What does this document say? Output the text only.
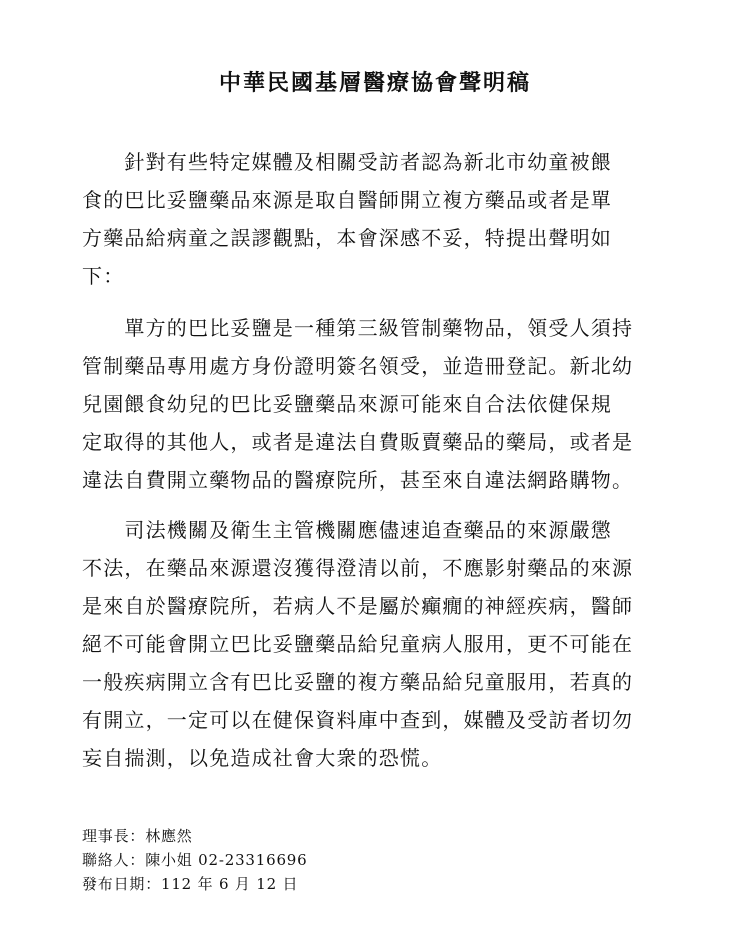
中華民國基層醫療協會聲明稿
　　針對有些特定媒體及相關受訪者認為新北市幼童被餵
食的巴比妥鹽藥品來源是取自醫師開立複方藥品或者是單
方藥品給病童之誤謬觀點，本會深感不妥，特提出聲明如
下：
　　單方的巴比妥鹽是一種第三級管制藥物品，領受人須持
管制藥品專用處方身份證明簽名領受，並造冊登記。新北幼
兒園餵食幼兒的巴比妥鹽藥品來源可能來自合法依健保規
定取得的其他人，或者是違法自費販賣藥品的藥局，或者是
違法自費開立藥物品的醫療院所，甚至來自違法網路購物。
　　司法機關及衛生主管機關應儘速追查藥品的來源嚴懲
不法，在藥品來源還沒獲得澄清以前，不應影射藥品的來源
是來自於醫療院所，若病人不是屬於癲癇的神經疾病，醫師
絕不可能會開立巴比妥鹽藥品給兒童病人服用，更不可能在
一般疾病開立含有巴比妥鹽的複方藥品給兒童服用，若真的
有開立，一定可以在健保資料庫中查到，媒體及受訪者切勿
妄自揣測，以免造成社會大衆的恐慌。
理事長：林應然
聯絡人：陳小姐 02-23316696
發布日期：112 年 6 月 12 日
